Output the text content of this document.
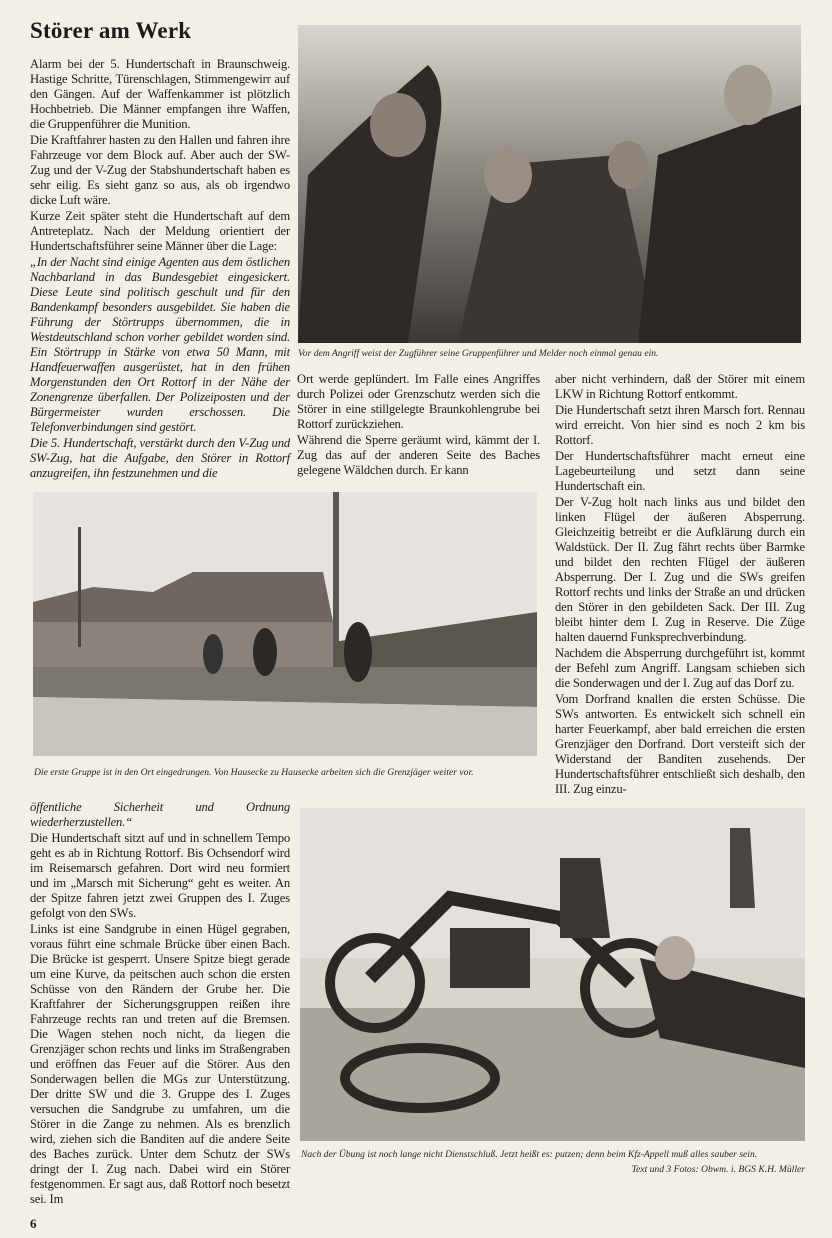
Störer am Werk

Alarm bei der 5. Hundertschaft in Braunschweig. Hastige Schritte, Türenschlagen, Stimmengewirr auf den Gängen. Auf der Waffenkammer ist plötzlich Hochbetrieb. Die Männer empfangen ihre Waffen, die Gruppenführer die Munition.

Die Kraftfahrer hasten zu den Hallen und fahren ihre Fahrzeuge vor dem Block auf. Aber auch der SW-Zug und der V-Zug der Stabshundertschaft haben es sehr eilig. Es sieht ganz so aus, als ob irgendwo dicke Luft wäre.

Kurze Zeit später steht die Hundertschaft auf dem Antreteplatz. Nach der Meldung orientiert der Hundertschaftsführer seine Männer über die Lage:

„In der Nacht sind einige Agenten aus dem östlichen Nachbarland in das Bundesgebiet eingesickert. Diese Leute sind politisch geschult und für den Bandenkampf besonders ausgebildet. Sie haben die Führung der Störtrupps übernommen, die in Westdeutschland schon vorher gebildet worden sind. Ein Störtrupp in Stärke von etwa 50 Mann, mit Handfeuerwaffen ausgerüstet, hat in den frühen Morgenstunden den Ort Rottorf in der Nähe der Zonengrenze überfallen. Der Polizeiposten und der Bürgermeister wurden erschossen. Die Telefonverbindungen sind gestört.

Die 5. Hundertschaft, verstärkt durch den V-Zug und SW-Zug, hat die Aufgabe, den Störer in Rottorf anzugreifen, ihn festzunehmen und die

Vor dem Angriff weist der Zugführer seine Gruppenführer und Melder noch einmal genau ein.

Ort werde geplündert. Im Falle eines Angriffes durch Polizei oder Grenzschutz werden sich die Störer in eine stillgelegte Braunkohlengrube bei Rottorf zurückziehen.

Während die Sperre geräumt wird, kämmt der I. Zug das auf der anderen Seite des Baches gelegene Wäldchen durch. Er kann

aber nicht verhindern, daß der Störer mit einem LKW in Richtung Rottorf entkommt.

Die Hundertschaft setzt ihren Marsch fort. Rennau wird erreicht. Von hier sind es noch 2 km bis Rottorf.

Der Hundertschaftsführer macht erneut eine Lagebeurteilung und setzt dann seine Hundertschaft ein.

Der V-Zug holt nach links aus und bildet den linken Flügel der äußeren Absperrung. Gleichzeitig betreibt er die Aufklärung durch ein Waldstück. Der II. Zug fährt rechts über Barmke und bildet den rechten Flügel der äußeren Absperrung. Der I. Zug und die SWs greifen Rottorf rechts und links der Straße an und drücken den Störer in den gebildeten Sack. Der III. Zug bleibt hinter dem I. Zug in Reserve. Die Züge halten dauernd Funksprechverbindung.

Nachdem die Absperrung durchgeführt ist, kommt der Befehl zum Angriff. Langsam schieben sich die Sonderwagen und der I. Zug auf das Dorf zu.

Vom Dorfrand knallen die ersten Schüsse. Die SWs antworten. Es entwickelt sich schnell ein harter Feuerkampf, aber bald erreichen die ersten Grenzjäger den Dorfrand. Dort versteift sich der Widerstand der Banditen zusehends. Der Hundertschaftsführer entschließt sich deshalb, den III. Zug einzu-

Die erste Gruppe ist in den Ort eingedrungen. Von Hausecke zu Hausecke arbeiten sich die Grenzjäger weiter vor.

öffentliche Sicherheit und Ordnung wiederherzustellen.“

Die Hundertschaft sitzt auf und in schnellem Tempo geht es ab in Richtung Rottorf. Bis Ochsendorf wird im Reisemarsch gefahren. Dort wird neu formiert und im „Marsch mit Sicherung“ geht es weiter. An der Spitze fahren jetzt zwei Gruppen des I. Zuges gefolgt von den SWs.

Links ist eine Sandgrube in einen Hügel gegraben, voraus führt eine schmale Brücke über einen Bach. Die Brücke ist gesperrt. Unsere Spitze biegt gerade um eine Kurve, da peitschen auch schon die ersten Schüsse von den Rändern der Grube her. Die Kraftfahrer der Sicherungsgruppen reißen ihre Fahrzeuge rechts ran und treten auf die Bremsen. Die Wagen stehen noch nicht, da liegen die Grenzjäger schon rechts und links im Straßengraben und eröffnen das Feuer auf die Störer. Aus den Sonderwagen bellen die MGs zur Unterstützung. Der dritte SW und die 3. Gruppe des I. Zuges versuchen die Sandgrube zu umfahren, um die Störer in die Zange zu nehmen. Als es brenzlich wird, ziehen sich die Banditen auf die andere Seite des Baches zurück. Unter dem Schutz der SWs dringt der I. Zug nach. Dabei wird ein Störer festgenommen. Er sagt aus, daß Rottorf noch besetzt sei. Im

Nach der Übung ist noch lange nicht Dienstschluß. Jetzt heißt es: putzen; denn beim Kfz-Appell muß alles sauber sein.
Text und 3 Fotos: Obwm. i. BGS K.H. Müller
6
